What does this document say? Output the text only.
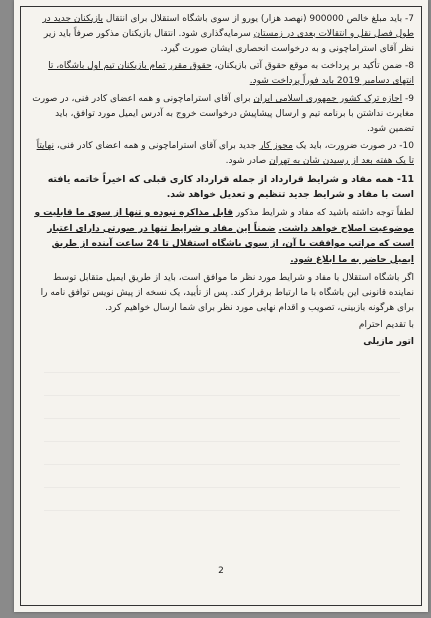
7- باید مبلغ خالص 900000 (نهصد هزار) یورو از سوی باشگاه استقلال برای انتقال بازیکنان جدید در طول فصل نقل و انتقالات بعدی در زمستان سرمایه‌گذاری شود. انتقال بازیکنان مذکور صرفاً باید زیر نظر آقای استراماچونی و به درخواست انحصاری ایشان صورت گیرد.

8- ضمن تأکید بر پرداخت به موقع حقوق آتی بازیکنان، حقوق مقرر تمام بازیکنان تیم اول باشگاه، تا انتهای دسامبر 2019 باید فوراً پرداخت شود.

9- اجازه ترک کشور جمهوری اسلامی ایران برای آقای استراماچونی و همه اعضای کادر فنی، در صورت مغایرت نداشتن با برنامه تیم و ارسال پیشاپیش درخواست خروج به آدرس ایمیل مورد توافق، باید تضمین شود.

10- در صورت ضرورت، باید یک مجوز کار جدید برای آقای استراماچونی و همه اعضای کادر فنی، نهایتاً تا یک هفته بعد از رسیدن شان به تهران صادر شود.

11- همه مفاد و شرایط قرارداد از جمله قرارداد کاری قبلی که اخیراً خاتمه یافته است با مفاد و شرایط جدید تنظیم و تعدیل خواهد شد.

لطفاً توجه داشته باشید که مفاد و شرایط مذکور قابل مذاکره نبوده و تنها از سوی ما قابلیت و موضوعیت اصلاح خواهد داشت. ضمناً این مفاد و شرایط تنها در صورتی دارای اعتبار است که مراتب موافقت با آن، از سوی باشگاه استقلال تا 24 ساعت آینده از طریق ایمیل حاضر به ما ابلاغ شود.

اگر باشگاه استقلال با مفاد و شرایط مورد نظر ما موافق است، باید از طریق ایمیل متقابل توسط نماینده قانونی این باشگاه با ما ارتباط برقرار کند. پس از تأیید، یک نسخه از پیش نویس توافق نامه را برای هرگونه بازبینی، تصویب و اقدام نهایی مورد نظر برای شما ارسال خواهیم کرد.

با تقدیم احترام

اتور مازیلی

2
